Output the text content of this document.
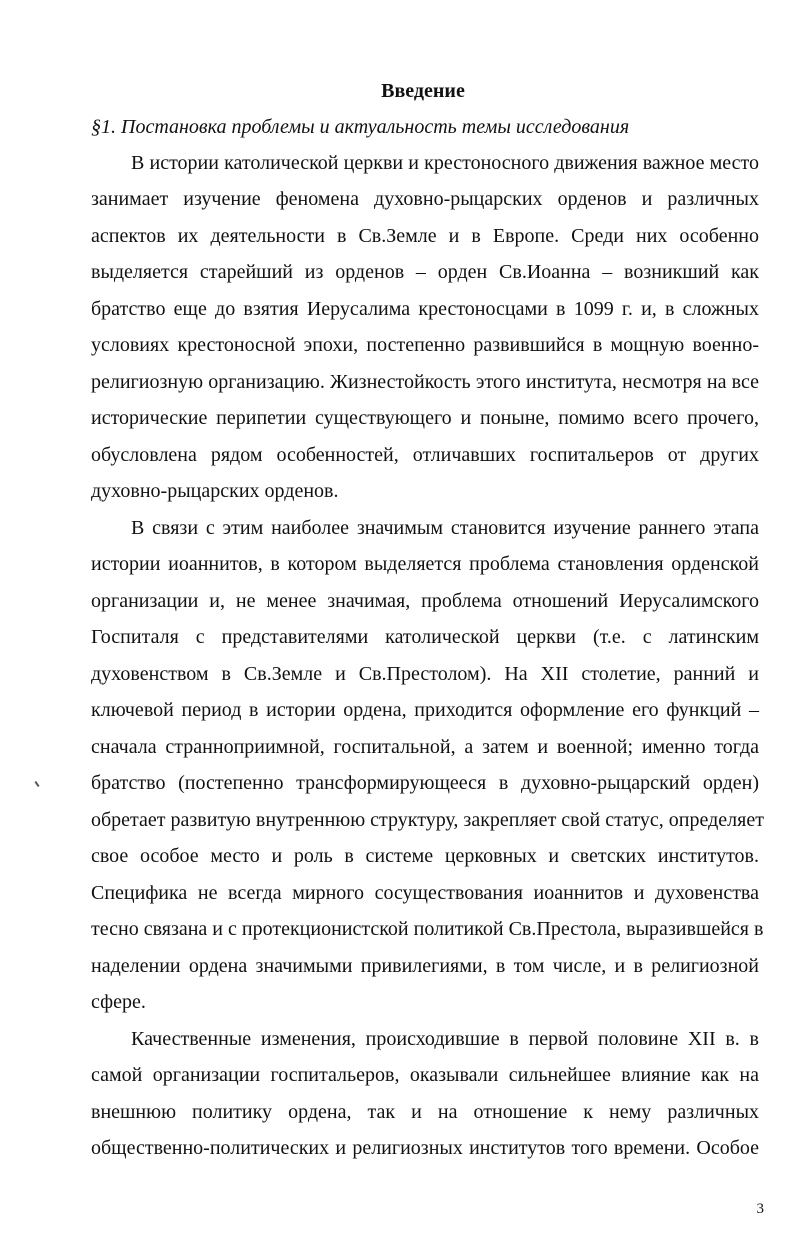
Введение
§1. Постановка проблемы и актуальность темы исследования
В истории католической церкви и крестоносного движения важное место
занимает изучение феномена духовно-рыцарских орденов и различных
аспектов их деятельности в Св.Земле и в Европе. Среди них особенно
выделяется старейший из орденов – орден Св.Иоанна – возникший как
братство еще до взятия Иерусалима крестоносцами в 1099 г. и, в сложных
условиях крестоносной эпохи, постепенно развившийся в мощную военно-
религиозную организацию. Жизнестойкость этого института, несмотря на все
исторические перипетии существующего и поныне, помимо всего прочего,
обусловлена рядом особенностей, отличавших госпитальеров от других
духовно-рыцарских орденов.
В связи с этим наиболее значимым становится изучение раннего этапа
истории иоаннитов, в котором выделяется проблема становления орденской
организации и, не менее значимая, проблема отношений Иерусалимского
Госпиталя с представителями католической церкви (т.е. с латинским
духовенством в Св.Земле и Св.Престолом). На XII столетие, ранний и
ключевой период в истории ордена, приходится оформление его функций –
сначала странноприимной, госпитальной, а затем и военной; именно тогда
братство (постепенно трансформирующееся в духовно-рыцарский орден)
обретает развитую внутреннюю структуру, закрепляет свой статус, определяет
свое особое место и роль в системе церковных и светских институтов.
Специфика не всегда мирного сосуществования иоаннитов и духовенства
тесно связана и с протекционистской политикой Св.Престола, выразившейся в
наделении ордена значимыми привилегиями, в том числе, и в религиозной
сфере.
Качественные изменения, происходившие в первой половине XII в. в
самой организации госпитальеров, оказывали сильнейшее влияние как на
внешнюю политику ордена, так и на отношение к нему различных
общественно-политических и религиозных институтов того времени. Особое
3
